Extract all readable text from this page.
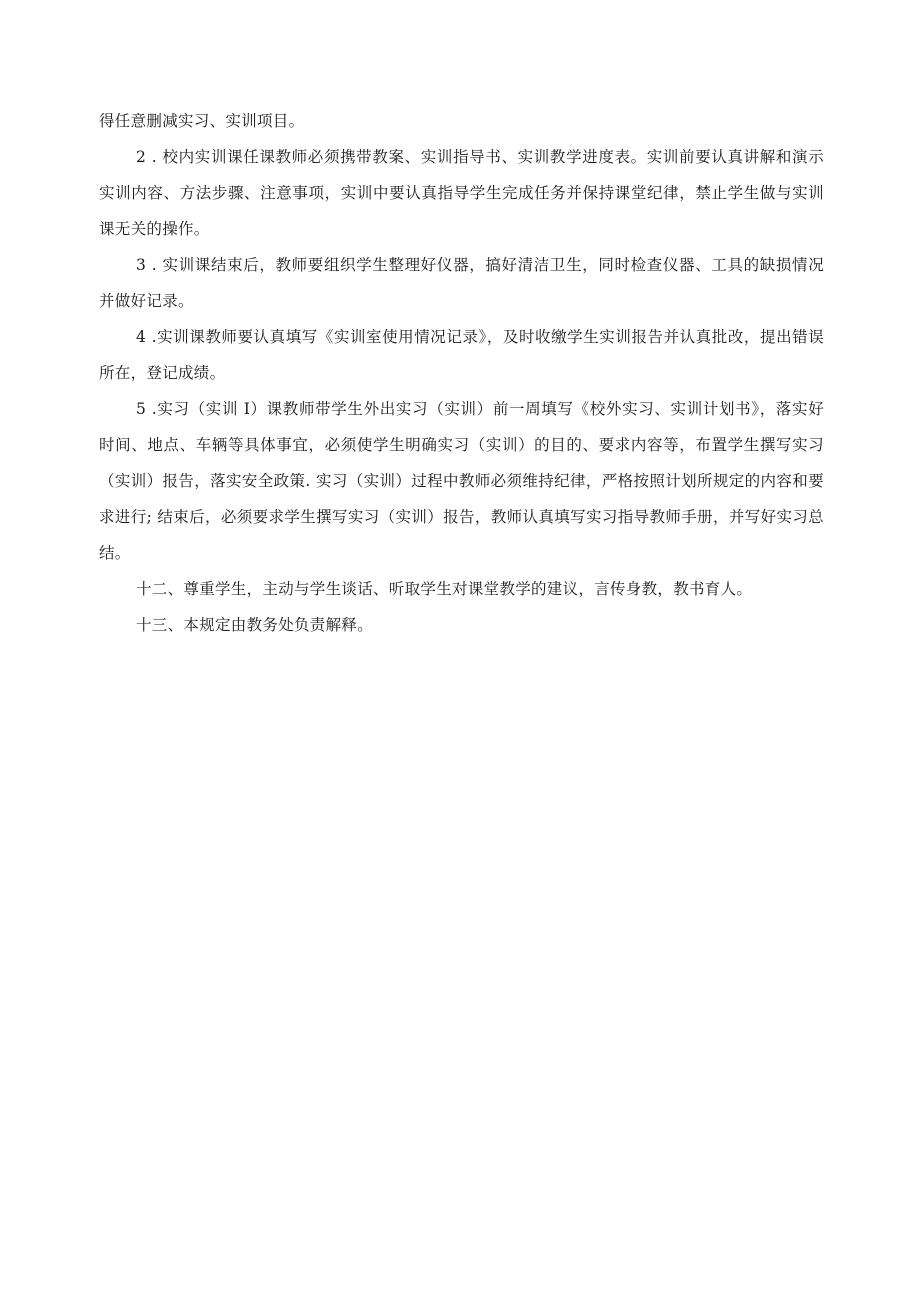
得任意删减实习、实训项目。

2 . 校内实训课任课教师必须携带教案、实训指导书、实训教学进度表。实训前要认真讲解和演示实训内容、方法步骤、注意事项，实训中要认真指导学生完成任务并保持课堂纪律，禁止学生做与实训课无关的操作。

3 . 实训课结束后，教师要组织学生整理好仪器，搞好清洁卫生，同时检查仪器、工具的缺损情况并做好记录。

4 .实训课教师要认真填写《实训室使用情况记录》，及时收缴学生实训报告并认真批改，提出错误所在，登记成绩。

5 .实习（实训 I）课教师带学生外出实习（实训）前一周填写《校外实习、实训计划书》，落实好时间、地点、车辆等具体事宜，必须使学生明确实习（实训）的目的、要求内容等，布置学生撰写实习（实训）报告，落实安全政策. 实习（实训）过程中教师必须维持纪律，严格按照计划所规定的内容和要求进行; 结束后，必须要求学生撰写实习（实训）报告，教师认真填写实习指导教师手册，并写好实习总结。

十二、尊重学生，主动与学生谈话、听取学生对课堂教学的建议，言传身教，教书育人。

十三、本规定由教务处负责解释。
